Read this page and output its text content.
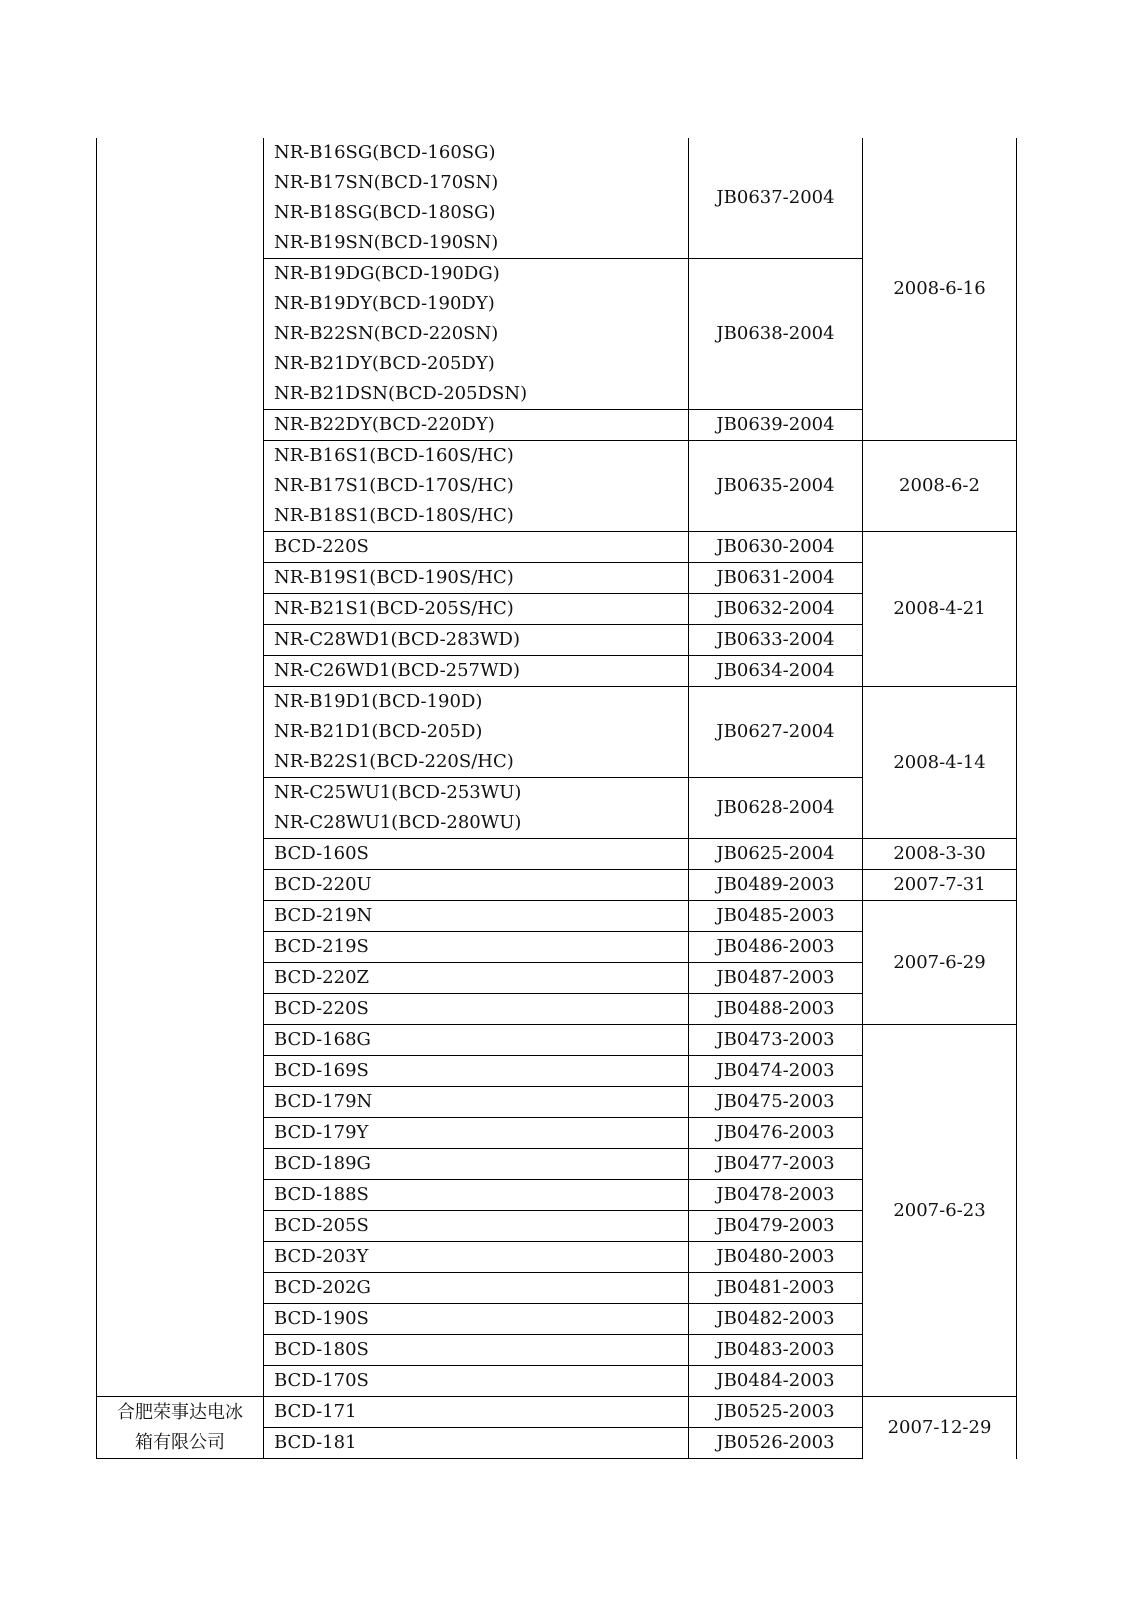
	NR-B16SG(BCD-160SG)
NR-B17SN(BCD-170SN)
NR-B18SG(BCD-180SG)
NR-B19SN(BCD-190SN)	JB0637-2004	2008-6-16

	NR-B19DG(BCD-190DG)
NR-B19DY(BCD-190DY)
NR-B22SN(BCD-220SN)
NR-B21DY(BCD-205DY)
NR-B21DSN(BCD-205DSN)	JB0638-2004	

	NR-B22DY(BCD-220DY)	JB0639-2004	

	NR-B16S1(BCD-160S/HC)
NR-B17S1(BCD-170S/HC)
NR-B18S1(BCD-180S/HC)	JB0635-2004	2008-6-2

	BCD-220S	JB0630-2004	2008-4-21

	NR-B19S1(BCD-190S/HC)	JB0631-2004	

	NR-B21S1(BCD-205S/HC)	JB0632-2004	

	NR-C28WD1(BCD-283WD)	JB0633-2004	

	NR-C26WD1(BCD-257WD)	JB0634-2004	

	NR-B19D1(BCD-190D)
NR-B21D1(BCD-205D)
NR-B22S1(BCD-220S/HC)	JB0627-2004	2008-4-14

	NR-C25WU1(BCD-253WU)
NR-C28WU1(BCD-280WU)	JB0628-2004	

	BCD-160S	JB0625-2004	2008-3-30

	BCD-220U	JB0489-2003	2007-7-31

	BCD-219N	JB0485-2003	2007-6-29

	BCD-219S	JB0486-2003	

	BCD-220Z	JB0487-2003	

	BCD-220S	JB0488-2003	

	BCD-168G	JB0473-2003	2007-6-23

	BCD-169S	JB0474-2003	

	BCD-179N	JB0475-2003	

	BCD-179Y	JB0476-2003	

	BCD-189G	JB0477-2003	

	BCD-188S	JB0478-2003	

	BCD-205S	JB0479-2003	

	BCD-203Y	JB0480-2003	

	BCD-202G	JB0481-2003	

	BCD-190S	JB0482-2003	

	BCD-180S	JB0483-2003	

	BCD-170S	JB0484-2003	

合肥荣事达电冰
箱有限公司	BCD-171	JB0525-2003	2007-12-29

	BCD-181	JB0526-2003	
